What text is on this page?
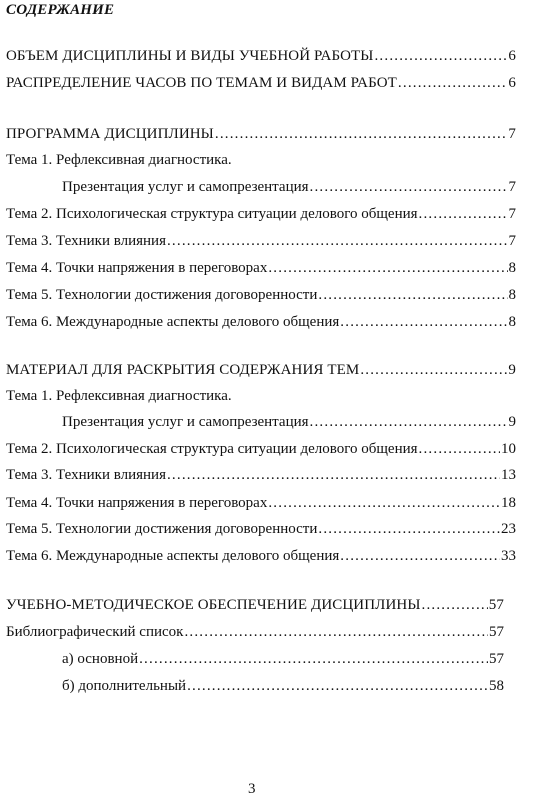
СОДЕРЖАНИЕ
ОБЪЕМ ДИСЦИПЛИНЫ И ВИДЫ УЧЕБНОЙ РАБОТЫ .....	6
РАСПРЕДЕЛЕНИЕ ЧАСОВ ПО ТЕМАМ И ВИДАМ РАБОТ .....	6
ПРОГРАММА ДИСЦИПЛИНЫ .....	7
Тема 1. Рефлексивная диагностика.
Презентация услуг и самопрезентация .....	7
Тема 2. Психологическая структура ситуации делового общения .....	7
Тема 3. Техники влияния .....	7
Тема 4. Точки напряжения в переговорах .....	8
Тема 5. Технологии достижения договоренности .....	8
Тема 6. Международные аспекты делового общения .....	8
МАТЕРИАЛ ДЛЯ РАСКРЫТИЯ СОДЕРЖАНИЯ ТЕМ .....	9
Тема 1. Рефлексивная диагностика.
Презентация услуг и самопрезентация .....	9
Тема 2. Психологическая структура ситуации делового общения .....	10
Тема 3. Техники влияния .....	13
Тема 4. Точки напряжения в переговорах .....	18
Тема 5. Технологии достижения договоренности .....	23
Тема 6. Международные аспекты делового общения .....	33
УЧЕБНО-МЕТОДИЧЕСКОЕ ОБЕСПЕЧЕНИЕ ДИСЦИПЛИНЫ .....	57
Библиографический список .....	57
а) основной .....	57
б) дополнительный .....	58
3
